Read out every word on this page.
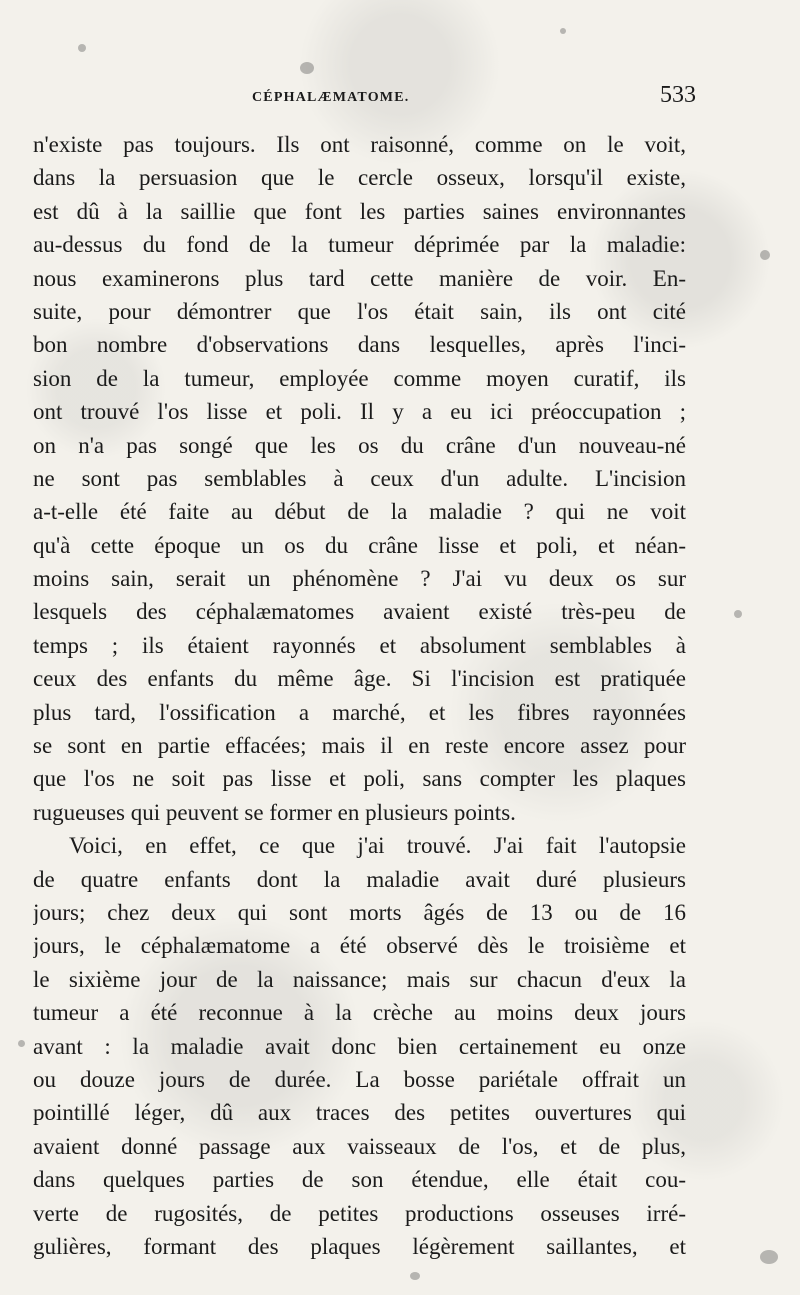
CÉPHALÆMATOME.	533
n'existe pas toujours. Ils ont raisonné, comme on le voit,
dans la persuasion que le cercle osseux, lorsqu'il existe,
est dû à la saillie que font les parties saines environnantes
au-dessus du fond de la tumeur déprimée par la maladie:
nous examinerons plus tard cette manière de voir. En-
suite, pour démontrer que l'os était sain, ils ont cité
bon nombre d'observations dans lesquelles, après l'inci-
sion de la tumeur, employée comme moyen curatif, ils
ont trouvé l'os lisse et poli. Il y a eu ici préoccupation ;
on n'a pas songé que les os du crâne d'un nouveau-né
ne sont pas semblables à ceux d'un adulte. L'incision
a-t-elle été faite au début de la maladie ? qui ne voit
qu'à cette époque un os du crâne lisse et poli, et néan-
moins sain, serait un phénomène ? J'ai vu deux os sur
lesquels des céphalæmatomes avaient existé très-peu de
temps ; ils étaient rayonnés et absolument semblables à
ceux des enfants du même âge. Si l'incision est pratiquée
plus tard, l'ossification a marché, et les fibres rayonnées
se sont en partie effacées; mais il en reste encore assez pour
que l'os ne soit pas lisse et poli, sans compter les plaques
rugueuses qui peuvent se former en plusieurs points.
Voici, en effet, ce que j'ai trouvé. J'ai fait l'autopsie
de quatre enfants dont la maladie avait duré plusieurs
jours; chez deux qui sont morts âgés de 13 ou de 16
jours, le céphalæmatome a été observé dès le troisième et
le sixième jour de la naissance; mais sur chacun d'eux la
tumeur a été reconnue à la crèche au moins deux jours
avant : la maladie avait donc bien certainement eu onze
ou douze jours de durée. La bosse pariétale offrait un
pointillé léger, dû aux traces des petites ouvertures qui
avaient donné passage aux vaisseaux de l'os, et de plus,
dans quelques parties de son étendue, elle était cou-
verte de rugosités, de petites productions osseuses irré-
gulières, formant des plaques légèrement saillantes, et
